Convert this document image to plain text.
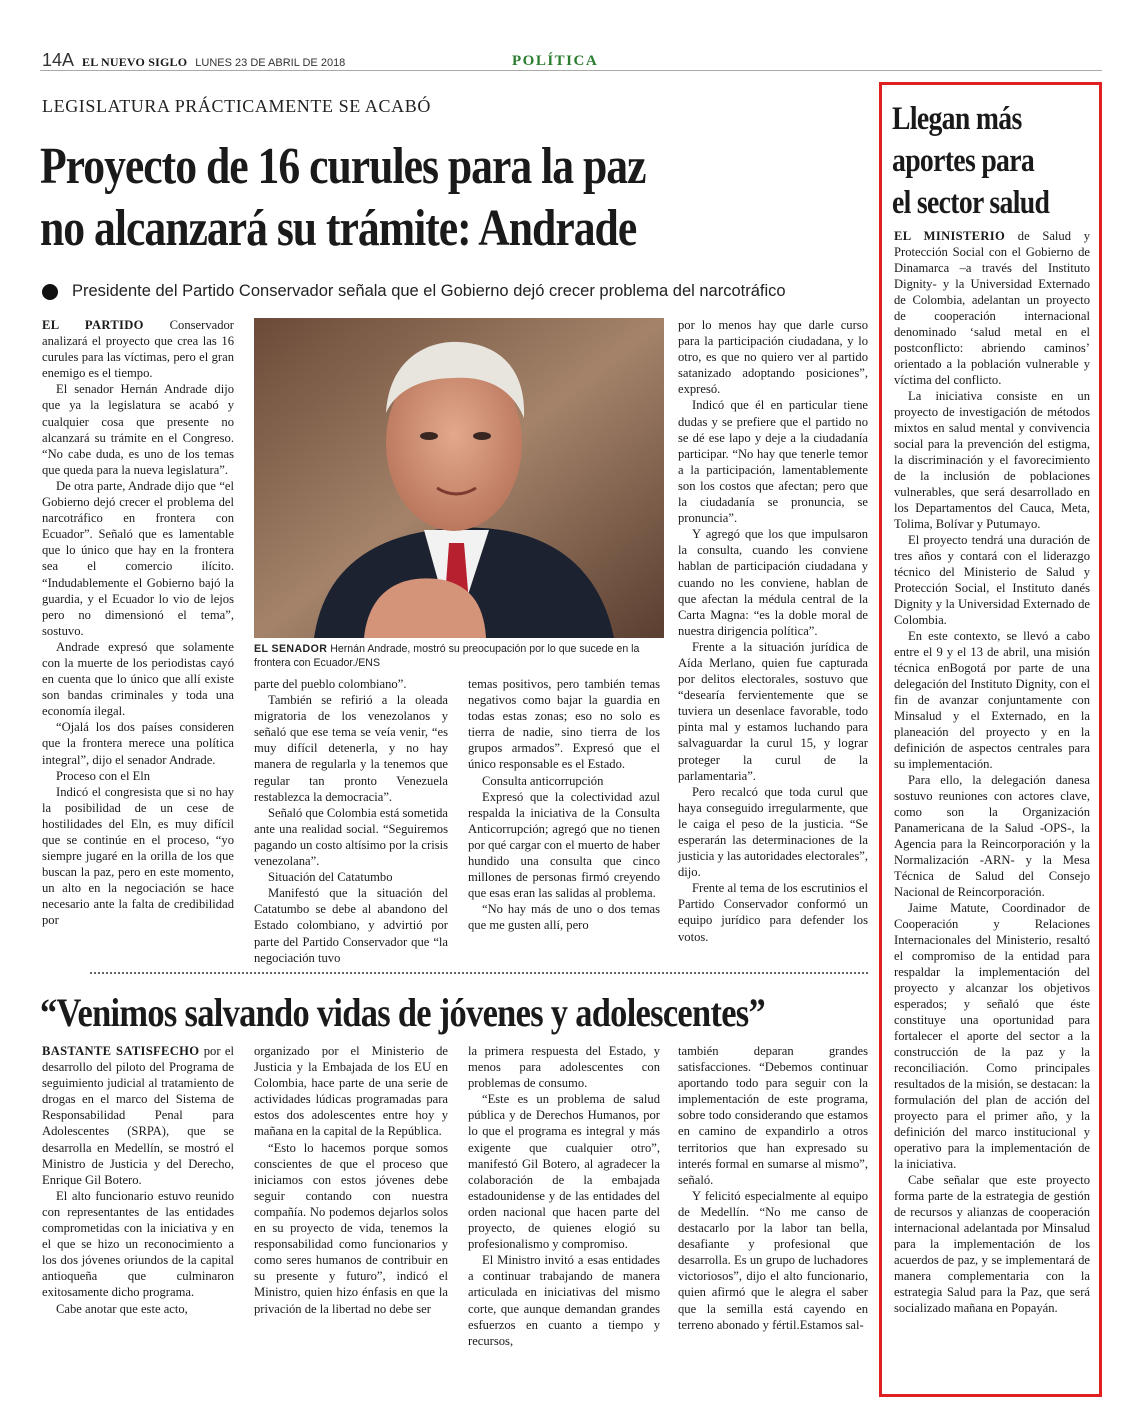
14A EL NUEVO SIGLO LUNES 23 DE ABRIL DE 2018	POLÍTICA
LEGISLATURA PRÁCTICAMENTE SE ACABÓ
Proyecto de 16 curules para la paz
no alcanzará su trámite: Andrade
Presidente del Partido Conservador señala que el Gobierno dejó crecer problema del narcotráfico

EL PARTIDO Conservador analizará el proyecto que crea las 16 curules para las víctimas, pero el gran enemigo es el tiempo.

El senador Hernán Andrade dijo que ya la legislatura se acabó y cualquier cosa que presente no alcanzará su trámite en el Congreso. “No cabe duda, es uno de los temas que queda para la nueva legislatura”.

De otra parte, Andrade dijo que “el Gobierno dejó crecer el problema del narcotráfico en frontera con Ecuador”. Señaló que es lamentable que lo único que hay en la frontera sea el comercio ilícito. “Indudablemente el Gobierno bajó la guardia, y el Ecuador lo vio de lejos pero no dimensionó el tema”, sostuvo.

Andrade expresó que solamente con la muerte de los periodistas cayó en cuenta que lo único que allí existe son bandas criminales y toda una economía ilegal.

“Ojalá los dos países consideren que la frontera merece una política integral”, dijo el senador Andrade.

Proceso con el Eln

Indicó el congresista que si no hay la posibilidad de un cese de hostilidades del Eln, es muy difícil que se continúe en el proceso, “yo siempre jugaré en la orilla de los que buscan la paz, pero en este momento, un alto en la negociación se hace necesario ante la falta de credibilidad por

EL SENADOR Hernán Andrade, mostró su preocupación por lo que sucede en la frontera con Ecuador./ENS

parte del pueblo colombiano”.

También se refirió a la oleada migratoria de los venezolanos y señaló que ese tema se veía venir, “es muy difícil detenerla, y no hay manera de regularla y la tenemos que regular tan pronto Venezuela restablezca la democracia”.

Señaló que Colombia está sometida ante una realidad social. “Seguiremos pagando un costo altísimo por la crisis venezolana”.

Situación del Catatumbo

Manifestó que la situación del Catatumbo se debe al abandono del Estado colombiano, y advirtió por parte del Partido Conservador que “la negociación tuvo

temas positivos, pero también temas negativos como bajar la guardia en todas estas zonas; eso no solo es tierra de nadie, sino tierra de los grupos armados”. Expresó que el único responsable es el Estado.

Consulta anticorrupción

Expresó que la colectividad azul respalda la iniciativa de la Consulta Anticorrupción; agregó que no tienen por qué cargar con el muerto de haber hundido una consulta que cinco millones de personas firmó creyendo que esas eran las salidas al problema.

“No hay más de uno o dos temas que me gusten allí, pero

por lo menos hay que darle curso para la participación ciudadana, y lo otro, es que no quiero ver al partido satanizado adoptando posiciones”, expresó.

Indicó que él en particular tiene dudas y se prefiere que el partido no se dé ese lapo y deje a la ciudadanía participar. “No hay que tenerle temor a la participación, lamentablemente son los costos que afectan; pero que la ciudadanía se pronuncia, se pronuncia”.

Y agregó que los que impulsaron la consulta, cuando les conviene hablan de participación ciudadana y cuando no les conviene, hablan de que afectan la médula central de la Carta Magna: “es la doble moral de nuestra dirigencia política”.

Frente a la situación jurídica de Aída Merlano, quien fue capturada por delitos electorales, sostuvo que “desearía fervientemente que se tuviera un desenlace favorable, todo pinta mal y estamos luchando para salvaguardar la curul 15, y lograr proteger la curul de la parlamentaria”.

Pero recalcó que toda curul que haya conseguido irregularmente, que le caiga el peso de la justicia. “Se esperarán las determinaciones de la justicia y las autoridades electorales”, dijo.

Frente al tema de los escrutinios el Partido Conservador conformó un equipo jurídico para defender los votos.

“Venimos salvando vidas de jóvenes y adolescentes”

BASTANTE SATISFECHO por el desarrollo del piloto del Programa de seguimiento judicial al tratamiento de drogas en el marco del Sistema de Responsabilidad Penal para Adolescentes (SRPA), que se desarrolla en Medellín, se mostró el Ministro de Justicia y del Derecho, Enrique Gil Botero.

El alto funcionario estuvo reunido con representantes de las entidades comprometidas con la iniciativa y en el que se hizo un reconocimiento a los dos jóvenes oriundos de la capital antioqueña que culminaron exitosamente dicho programa.

Cabe anotar que este acto,

organizado por el Ministerio de Justicia y la Embajada de los EU en Colombia, hace parte de una serie de actividades lúdicas programadas para estos dos adolescentes entre hoy y mañana en la capital de la República.

“Esto lo hacemos porque somos conscientes de que el proceso que iniciamos con estos jóvenes debe seguir contando con nuestra compañía. No podemos dejarlos solos en su proyecto de vida, tenemos la responsabilidad como funcionarios y como seres humanos de contribuir en su presente y futuro”, indicó el Ministro, quien hizo énfasis en que la privación de la libertad no debe ser

la primera respuesta del Estado, y menos para adolescentes con problemas de consumo.

“Este es un problema de salud pública y de Derechos Humanos, por lo que el programa es integral y más exigente que cualquier otro”, manifestó Gil Botero, al agradecer la colaboración de la embajada estadounidense y de las entidades del orden nacional que hacen parte del proyecto, de quienes elogió su profesionalismo y compromiso.

El Ministro invitó a esas entidades a continuar trabajando de manera articulada en iniciativas del mismo corte, que aunque demandan grandes esfuerzos en cuanto a tiempo y recursos,

también deparan grandes satisfacciones. “Debemos continuar aportando todo para seguir con la implementación de este programa, sobre todo considerando que estamos en camino de expandirlo a otros territorios que han expresado su interés formal en sumarse al mismo”, señaló.

Y felicitó especialmente al equipo de Medellín. “No me canso de destacarlo por la labor tan bella, desafiante y profesional que desarrolla. Es un grupo de luchadores victoriosos”, dijo el alto funcionario, quien afirmó que le alegra el saber que la semilla está cayendo en terreno abonado y fértil.Estamos sal-

Llegan más
aportes para
el sector salud

EL MINISTERIO de Salud y Protección Social con el Gobierno de Dinamarca –a través del Instituto Dignity- y la Universidad Externado de Colombia, adelantan un proyecto de cooperación internacional denominado ‘salud metal en el postconflicto: abriendo caminos’ orientado a la población vulnerable y víctima del conflicto.

La iniciativa consiste en un proyecto de investigación de métodos mixtos en salud mental y convivencia social para la prevención del estigma, la discriminación y el favorecimiento de la inclusión de poblaciones vulnerables, que será desarrollado en los Departamentos del Cauca, Meta, Tolima, Bolívar y Putumayo.

El proyecto tendrá una duración de tres años y contará con el liderazgo técnico del Ministerio de Salud y Protección Social, el Instituto danés Dignity y la Universidad Externado de Colombia.

En este contexto, se llevó a cabo entre el 9 y el 13 de abril, una misión técnica enBogotá por parte de una delegación del Instituto Dignity, con el fin de avanzar conjuntamente con Minsalud y el Externado, en la planeación del proyecto y en la definición de aspectos centrales para su implementación.

Para ello, la delegación danesa sostuvo reuniones con actores clave, como son la Organización Panamericana de la Salud -OPS-, la Agencia para la Reincorporación y la Normalización -ARN- y la Mesa Técnica de Salud del Consejo Nacional de Reincorporación.

Jaime Matute, Coordinador de Cooperación y Relaciones Internacionales del Ministerio, resaltó el compromiso de la entidad para respaldar la implementación del proyecto y alcanzar los objetivos esperados; y señaló que éste constituye una oportunidad para fortalecer el aporte del sector a la construcción de la paz y la reconciliación. Como principales resultados de la misión, se destacan: la formulación del plan de acción del proyecto para el primer año, y la definición del marco institucional y operativo para la implementación de la iniciativa.

Cabe señalar que este proyecto forma parte de la estrategia de gestión de recursos y alianzas de cooperación internacional adelantada por Minsalud para la implementación de los acuerdos de paz, y se implementará de manera complementaria con la estrategia Salud para la Paz, que será socializado mañana en Popayán.
